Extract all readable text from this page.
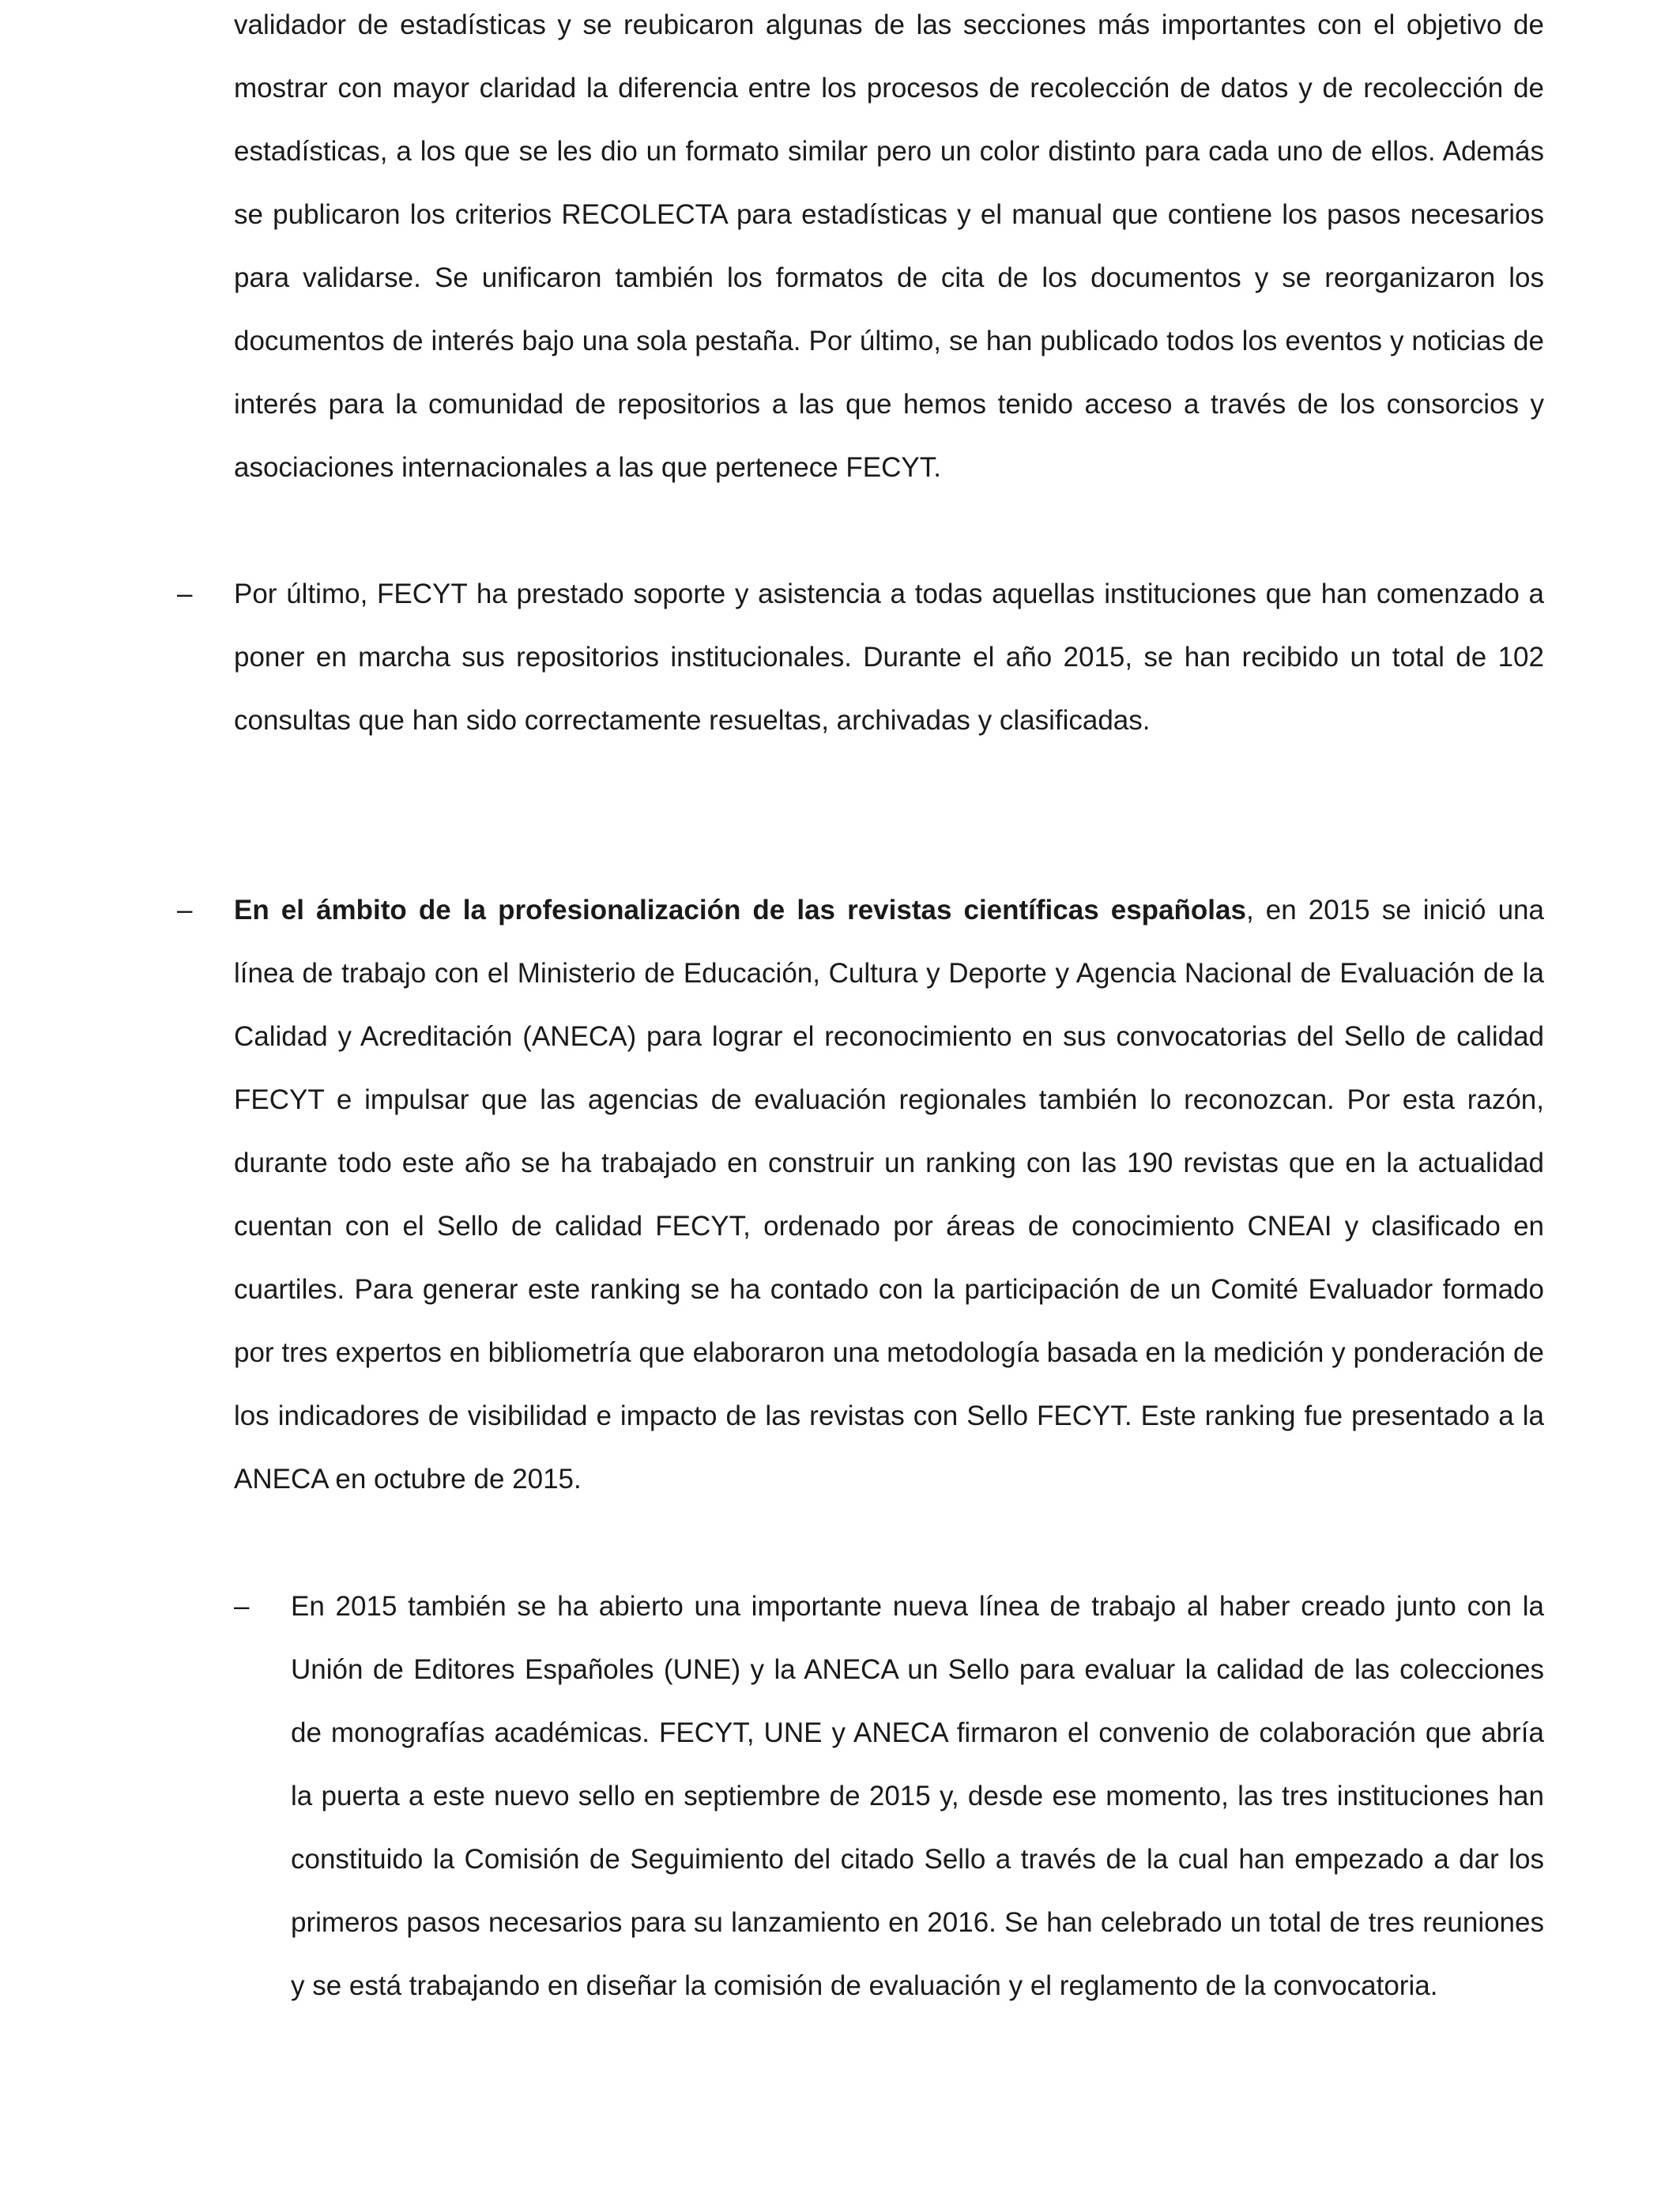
validador de estadísticas y se reubicaron algunas de las secciones más importantes con el objetivo de mostrar con mayor claridad la diferencia entre los procesos de recolección de datos y de recolección de estadísticas, a los que se les dio un formato similar pero un color distinto para cada uno de ellos. Además se publicaron los criterios RECOLECTA para estadísticas y el manual que contiene los pasos necesarios para validarse. Se unificaron también los formatos de cita de los documentos y se reorganizaron los documentos de interés bajo una sola pestaña. Por último, se han publicado todos los eventos y noticias de interés para la comunidad de repositorios a las que hemos tenido acceso a través de los consorcios y asociaciones internacionales a las que pertenece FECYT.

– Por último, FECYT ha prestado soporte y asistencia a todas aquellas instituciones que han comenzado a poner en marcha sus repositorios institucionales. Durante el año 2015, se han recibido un total de 102 consultas que han sido correctamente resueltas, archivadas y clasificadas.

– En el ámbito de la profesionalización de las revistas científicas españolas, en 2015 se inició una línea de trabajo con el Ministerio de Educación, Cultura y Deporte y Agencia Nacional de Evaluación de la Calidad y Acreditación (ANECA) para lograr el reconocimiento en sus convocatorias del Sello de calidad FECYT e impulsar que las agencias de evaluación regionales también lo reconozcan. Por esta razón, durante todo este año se ha trabajado en construir un ranking con las 190 revistas que en la actualidad cuentan con el Sello de calidad FECYT, ordenado por áreas de conocimiento CNEAI y clasificado en cuartiles. Para generar este ranking se ha contado con la participación de un Comité Evaluador formado por tres expertos en bibliometría que elaboraron una metodología basada en la medición y ponderación de los indicadores de visibilidad e impacto de las revistas con Sello FECYT. Este ranking fue presentado a la ANECA en octubre de 2015.

– En 2015 también se ha abierto una importante nueva línea de trabajo al haber creado junto con la Unión de Editores Españoles (UNE) y la ANECA un Sello para evaluar la calidad de las colecciones de monografías académicas. FECYT, UNE y ANECA firmaron el convenio de colaboración que abría la puerta a este nuevo sello en septiembre de 2015 y, desde ese momento, las tres instituciones han constituido la Comisión de Seguimiento del citado Sello a través de la cual han empezado a dar los primeros pasos necesarios para su lanzamiento en 2016. Se han celebrado un total de tres reuniones y se está trabajando en diseñar la comisión de evaluación y el reglamento de la convocatoria.
